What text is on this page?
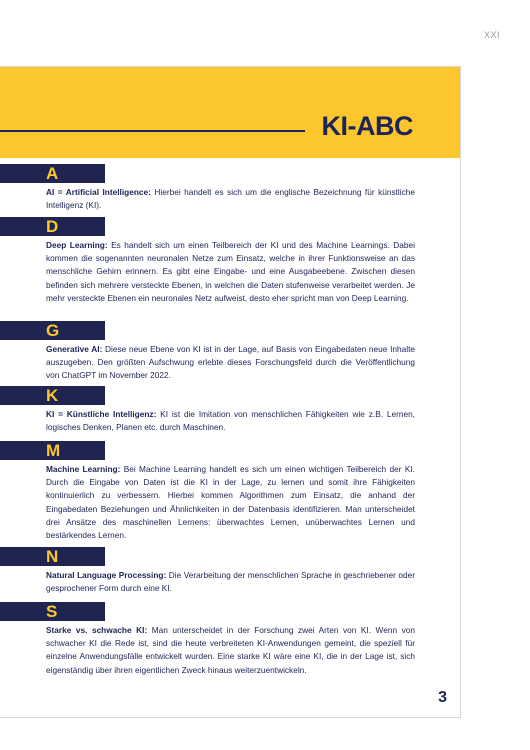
XXI
KI-ABC
A
AI = Artificial Intelligence: Hierbei handelt es sich um die englische Bezeichnung für künstliche Intelligenz (KI).
D
Deep Learning: Es handelt sich um einen Teilbereich der KI und des Machine Learnings. Dabei kommen die sogenannten neuronalen Netze zum Einsatz, welche in ihrer Funktionsweise an das menschliche Gehirn erinnern. Es gibt eine Eingabe- und eine Ausgabeebene. Zwischen diesen befinden sich mehrere versteckte Ebenen, in welchen die Daten stufenweise verarbeitet werden. Je mehr versteckte Ebenen ein neuronales Netz aufweist, desto eher spricht man von Deep Learning.
G
Generative AI: Diese neue Ebene von KI ist in der Lage, auf Basis von Eingabedaten neue Inhalte auszugeben. Den größten Aufschwung erlebte dieses Forschungsfeld durch die Veröffentlichung von ChatGPT im November 2022.
K
KI = Künstliche Intelligenz: KI ist die Imitation von menschlichen Fähigkeiten wie z.B. Lernen, logisches Denken, Planen etc. durch Maschinen.
M
Machine Learning: Bei Machine Learning handelt es sich um einen wichtigen Teilbereich der KI. Durch die Eingabe von Daten ist die KI in der Lage, zu lernen und somit ihre Fähigkeiten kontinuierlich zu verbessern. Hierbei kommen Algorithmen zum Einsatz, die anhand der Eingabedaten Beziehungen und Ähnlichkeiten in der Datenbasis identifizieren. Man unterscheidet drei Ansätze des maschinellen Lernens: überwachtes Lernen, unüberwachtes Lernen und bestärkendes Lernen.
N
Natural Language Processing: Die Verarbeitung der menschlichen Sprache in geschriebener oder gesprochener Form durch eine KI.
S
Starke vs. schwache KI: Man unterscheidet in der Forschung zwei Arten von KI. Wenn von schwacher KI die Rede ist, sind die heute verbreiteten KI-Anwendungen gemeint, die speziell für einzelne Anwendungsfälle entwickelt wurden. Eine starke KI wäre eine KI, die in der Lage ist, sich eigenständig über ihren eigentlichen Zweck hinaus weiterzuentwickeln.
3
